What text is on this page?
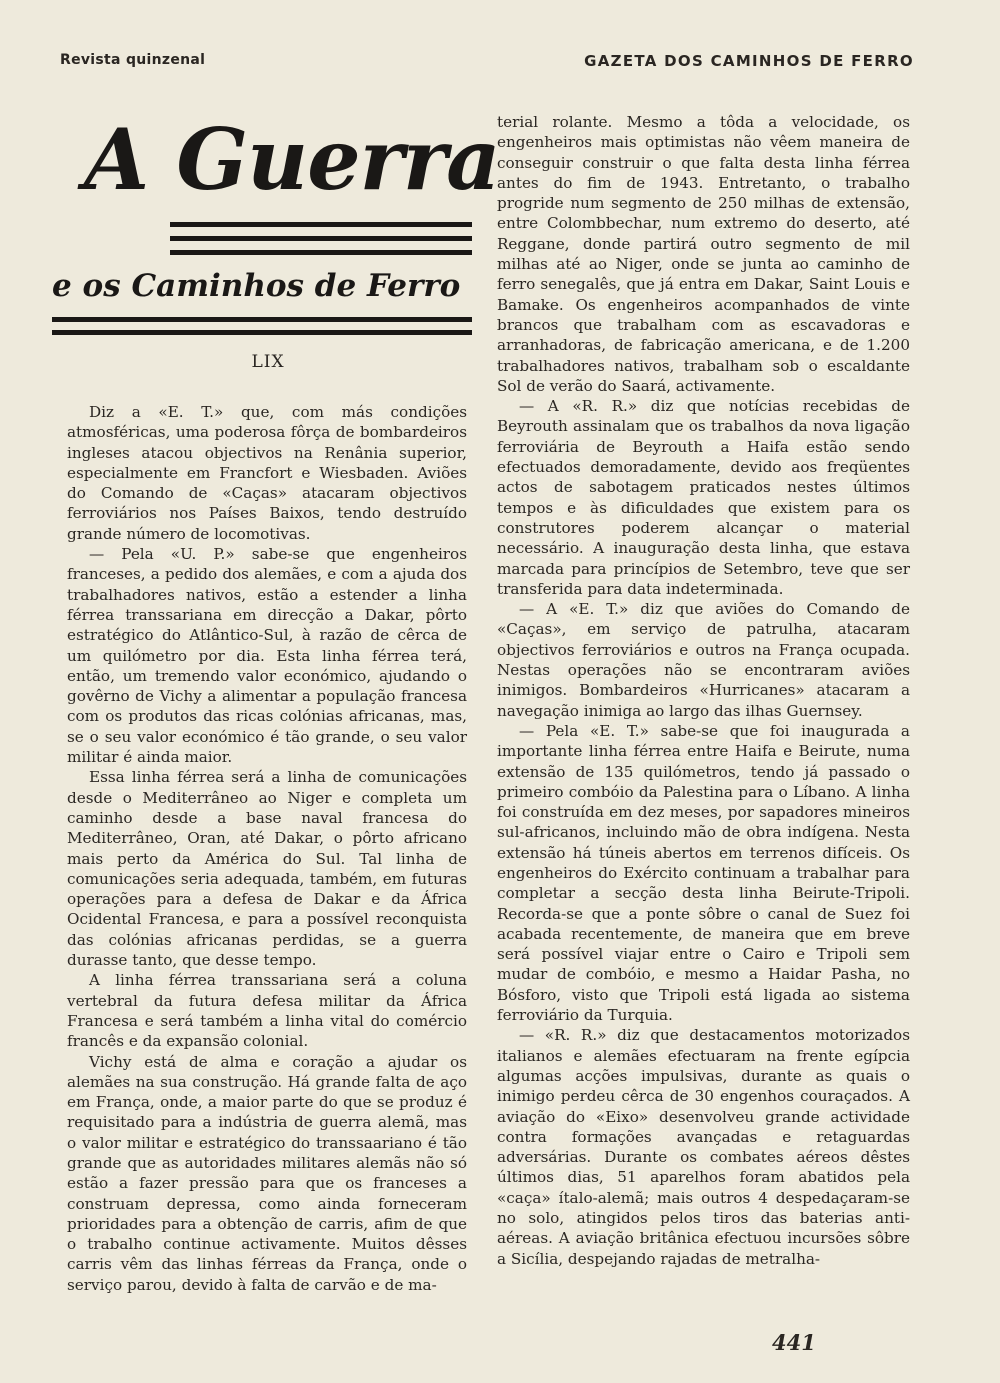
Revista quinzenal	GAZETA DOS CAMINHOS DE FERRO
A Guerra
e os Caminhos de Ferro
LIX

Diz a «E. T.» que, com más condições atmosféricas, uma poderosa fôrça de bombardeiros ingleses atacou objectivos na Renânia superior, especialmente em Francfort e Wiesbaden. Aviões do Comando de «Caças» atacaram objectivos ferroviários nos Países Baixos, tendo destruído grande número de locomotivas.

— Pela «U. P.» sabe-se que engenheiros franceses, a pedido dos alemães, e com a ajuda dos trabalhadores nativos, estão a estender a linha férrea transsariana em direcção a Dakar, pôrto estratégico do Atlântico-Sul, à razão de cêrca de um quilómetro por dia. Esta linha férrea terá, então, um tremendo valor económico, ajudando o govêrno de Vichy a alimentar a população francesa com os produtos das ricas colónias africanas, mas, se o seu valor económico é tão grande, o seu valor militar é ainda maior.

Essa linha férrea será a linha de comunicações desde o Mediterrâneo ao Niger e completa um caminho desde a base naval francesa do Mediterrâneo, Oran, até Dakar, o pôrto africano mais perto da América do Sul. Tal linha de comunicações seria adequada, também, em futuras operações para a defesa de Dakar e da África Ocidental Francesa, e para a possível reconquista das colónias africanas perdidas, se a guerra durasse tanto, que desse tempo.

A linha férrea transsariana será a coluna vertebral da futura defesa militar da África Francesa e será também a linha vital do comércio francês e da expansão colonial.

Vichy está de alma e coração a ajudar os alemães na sua construção. Há grande falta de aço em França, onde, a maior parte do que se produz é requisitado para a indústria de guerra alemã, mas o valor militar e estratégico do transsaariano é tão grande que as autoridades militares alemãs não só estão a fazer pressão para que os franceses a construam depressa, como ainda forneceram prioridades para a obtenção de carris, afim de que o trabalho continue activamente. Muitos dêsses carris vêm das linhas férreas da França, onde o serviço parou, devido à falta de carvão e de ma-

terial rolante. Mesmo a tôda a velocidade, os engenheiros mais optimistas não vêem maneira de conseguir construir o que falta desta linha férrea antes do fim de 1943. Entretanto, o trabalho progride num segmento de 250 milhas de extensão, entre Colombbechar, num extremo do deserto, até Reggane, donde partirá outro segmento de mil milhas até ao Niger, onde se junta ao caminho de ferro senegalês, que já entra em Dakar, Saint Louis e Bamake. Os engenheiros acompanhados de vinte brancos que trabalham com as escavadoras e arranhadoras, de fabricação americana, e de 1.200 trabalhadores nativos, trabalham sob o escaldante Sol de verão do Saará, activamente.

— A «R. R.» diz que notícias recebidas de Beyrouth assinalam que os trabalhos da nova ligação ferroviária de Beyrouth a Haifa estão sendo efectuados demoradamente, devido aos freqüentes actos de sabotagem praticados nestes últimos tempos e às dificuldades que existem para os construtores poderem alcançar o material necessário. A inauguração desta linha, que estava marcada para princípios de Setembro, teve que ser transferida para data indeterminada.

— A «E. T.» diz que aviões do Comando de «Caças», em serviço de patrulha, atacaram objectivos ferroviários e outros na França ocupada. Nestas operações não se encontraram aviões inimigos. Bombardeiros «Hurricanes» atacaram a navegação inimiga ao largo das ilhas Guernsey.

— Pela «E. T.» sabe-se que foi inaugurada a importante linha férrea entre Haifa e Beirute, numa extensão de 135 quilómetros, tendo já passado o primeiro combóio da Palestina para o Líbano. A linha foi construída em dez meses, por sapadores mineiros sul-africanos, incluindo mão de obra indígena. Nesta extensão há túneis abertos em terrenos difíceis. Os engenheiros do Exército continuam a trabalhar para completar a secção desta linha Beirute-Tripoli. Recorda-se que a ponte sôbre o canal de Suez foi acabada recentemente, de maneira que em breve será possível viajar entre o Cairo e Tripoli sem mudar de combóio, e mesmo a Haidar Pasha, no Bósforo, visto que Tripoli está ligada ao sistema ferroviário da Turquia.

— «R. R.» diz que destacamentos motorizados italianos e alemães efectuaram na frente egípcia algumas acções impulsivas, durante as quais o inimigo perdeu cêrca de 30 engenhos couraçados. A aviação do «Eixo» desenvolveu grande actividade contra formações avançadas e retaguardas adversárias. Durante os combates aéreos dêstes últimos dias, 51 aparelhos foram abatidos pela «caça» ítalo-alemã; mais outros 4 despedaçaram-se no solo, atingidos pelos tiros das baterias anti-aéreas. A aviação britânica efectuou incursões sôbre a Sicília, despejando rajadas de metralha-

441
